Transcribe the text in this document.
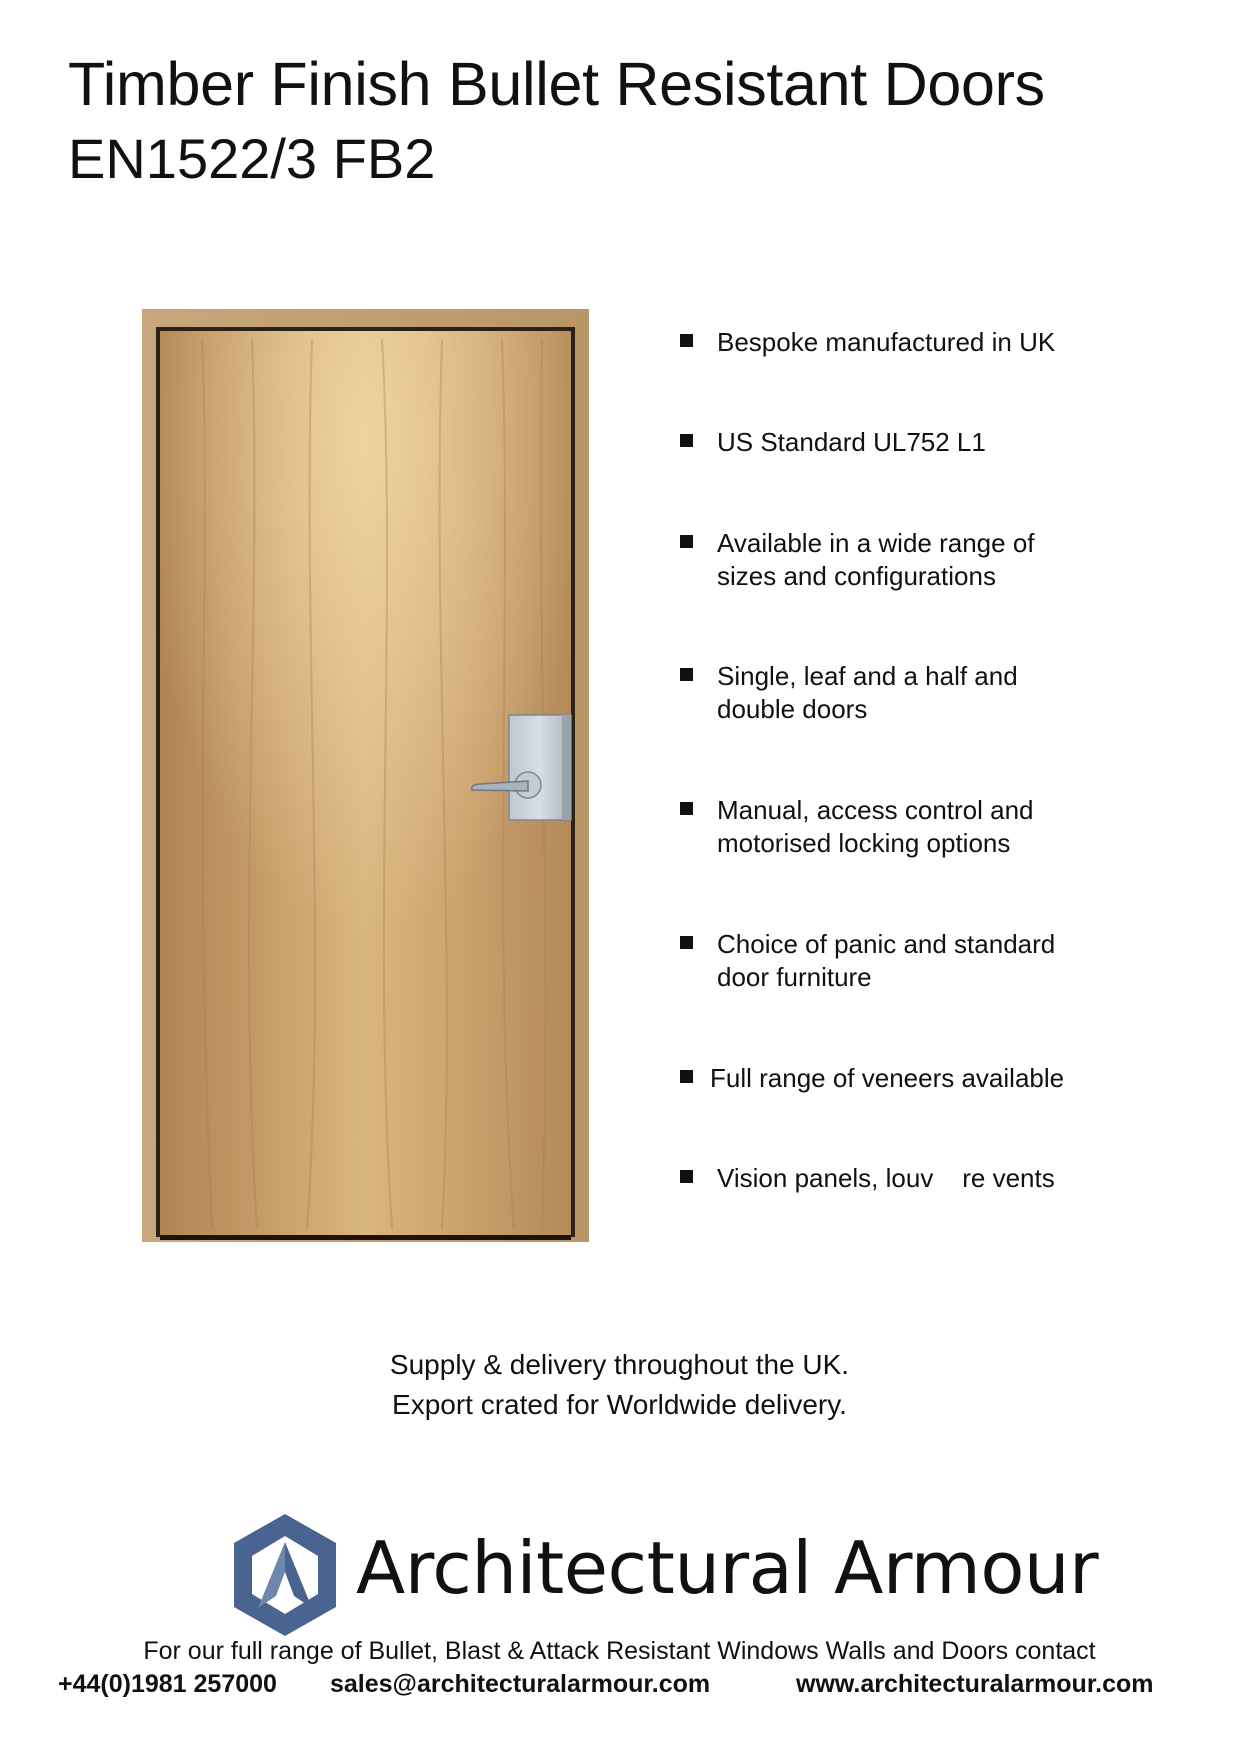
Timber Finish Bullet Resistant Doors
EN1522/3 FB2
Bespoke manufactured in UK
US Standard UL752 L1
Available in a wide range of
sizes and configurations
Single, leaf and a half and
double doors
Manual, access control and
motorised locking options
Choice of panic and standard
door furniture
Full range of veneers available
Vision panels, louv    re vents
Supply & delivery throughout the UK.
Export crated for Worldwide delivery.
Architectural Armour
For our full range of Bullet, Blast & Attack Resistant Windows Walls and Doors contact
+44(0)1981 257000 sales@architecturalarmour.com	www.architecturalarmour.com
